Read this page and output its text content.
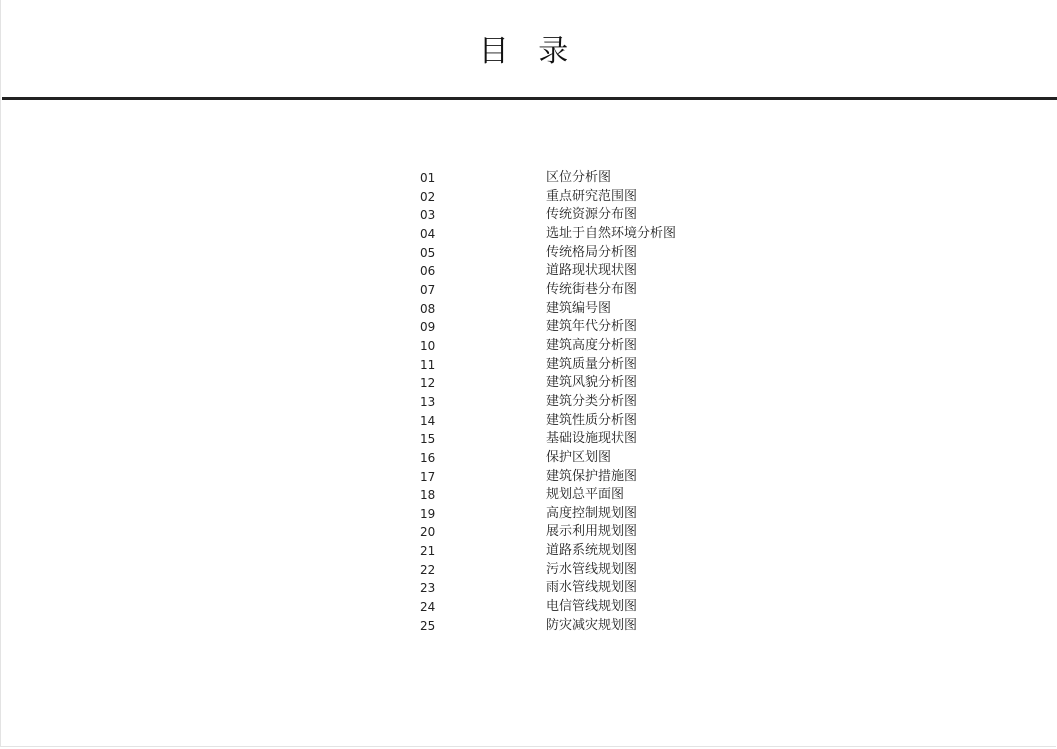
目 录
01	区位分析图
02	重点研究范围图
03	传统资源分布图
04	选址于自然环境分析图
05	传统格局分析图
06	道路现状现状图
07	传统街巷分布图
08	建筑编号图
09	建筑年代分析图
10	建筑高度分析图
11	建筑质量分析图
12	建筑风貌分析图
13	建筑分类分析图
14	建筑性质分析图
15	基础设施现状图
16	保护区划图
17	建筑保护措施图
18	规划总平面图
19	高度控制规划图
20	展示利用规划图
21	道路系统规划图
22	污水管线规划图
23	雨水管线规划图
24	电信管线规划图
25	防灾减灾规划图
